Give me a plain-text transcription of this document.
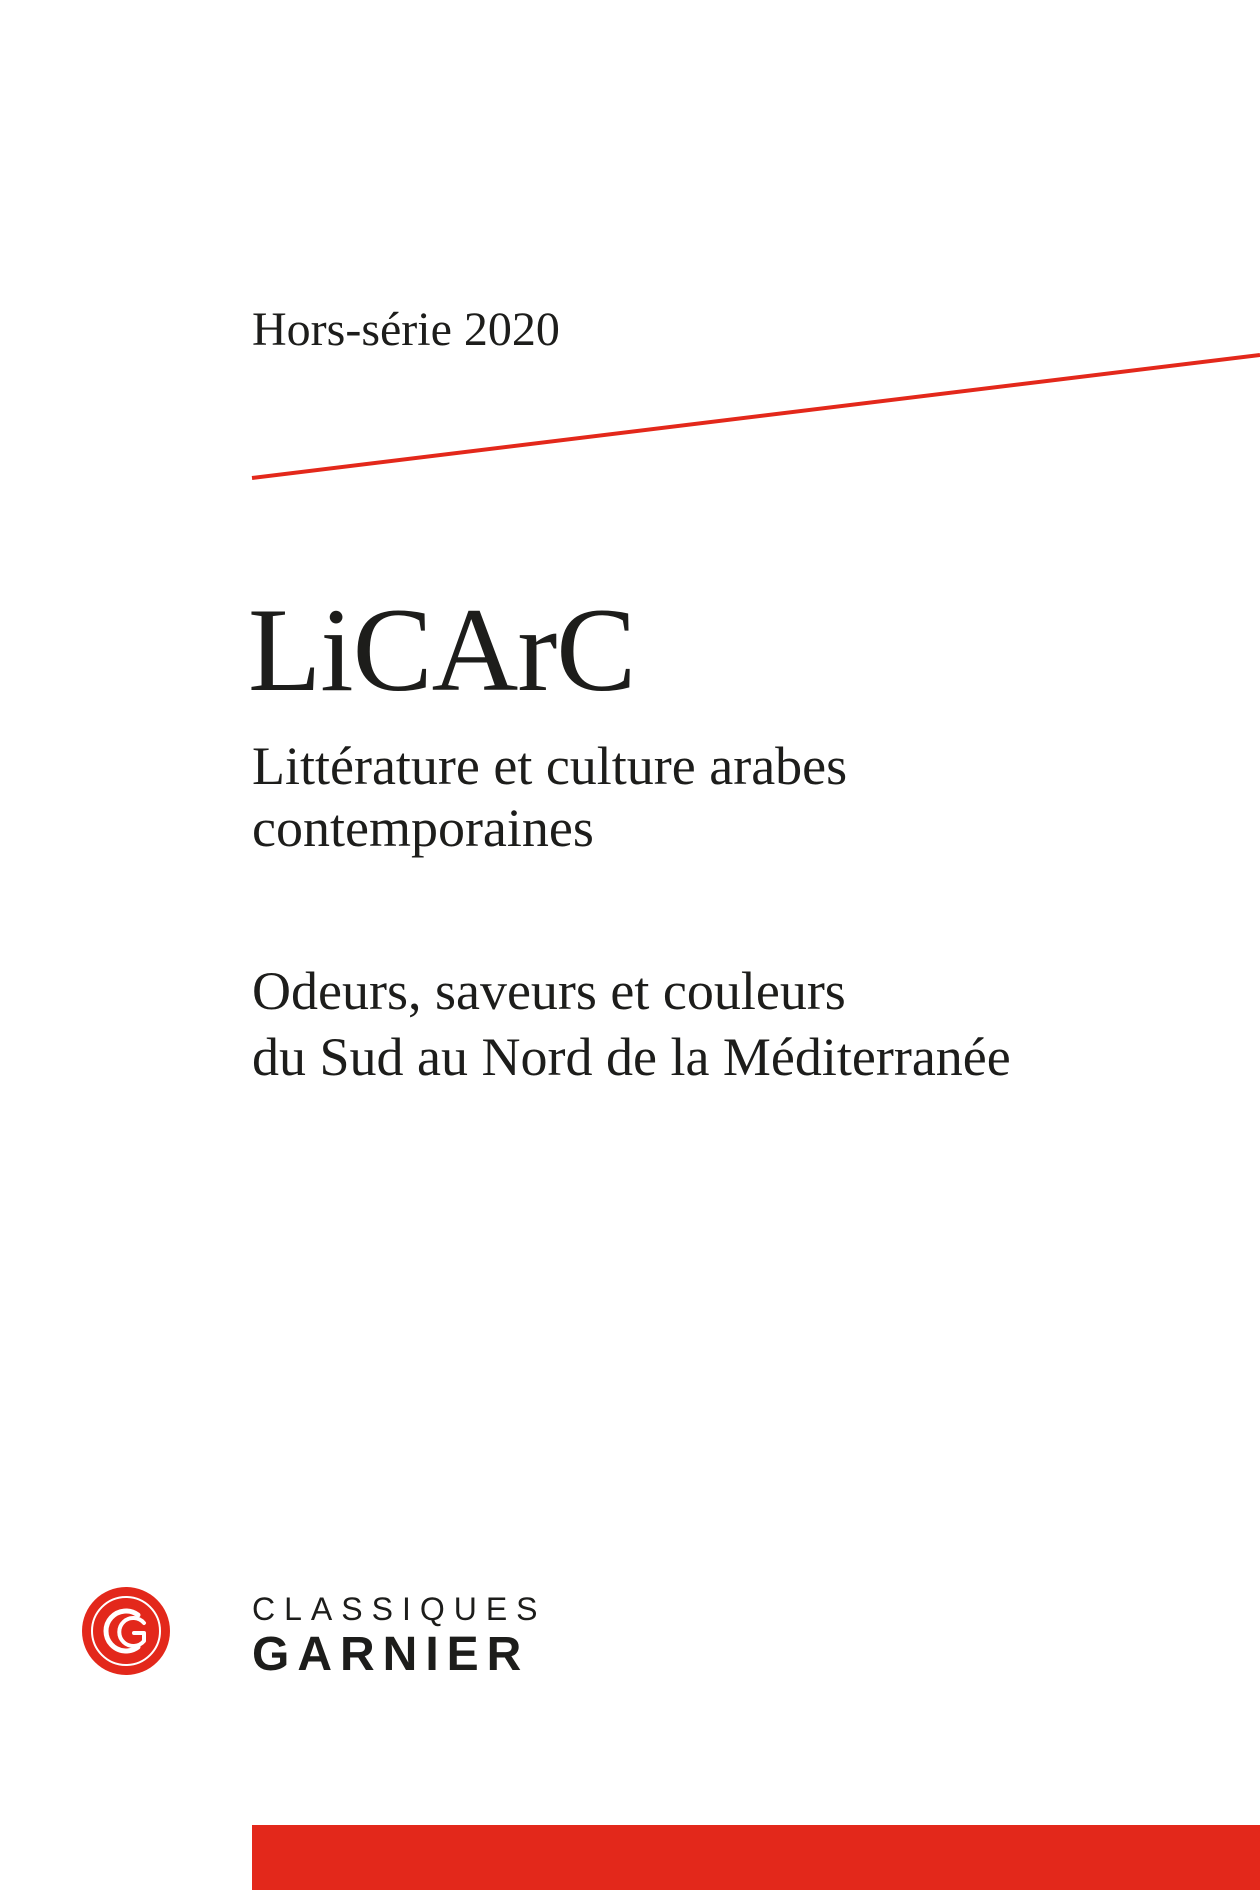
Hors-série 2020
LiCArC
Littérature et culture arabes
contemporaines
Odeurs, saveurs et couleurs
du Sud au Nord de la Méditerranée
CLASSIQUES
GARNIER
